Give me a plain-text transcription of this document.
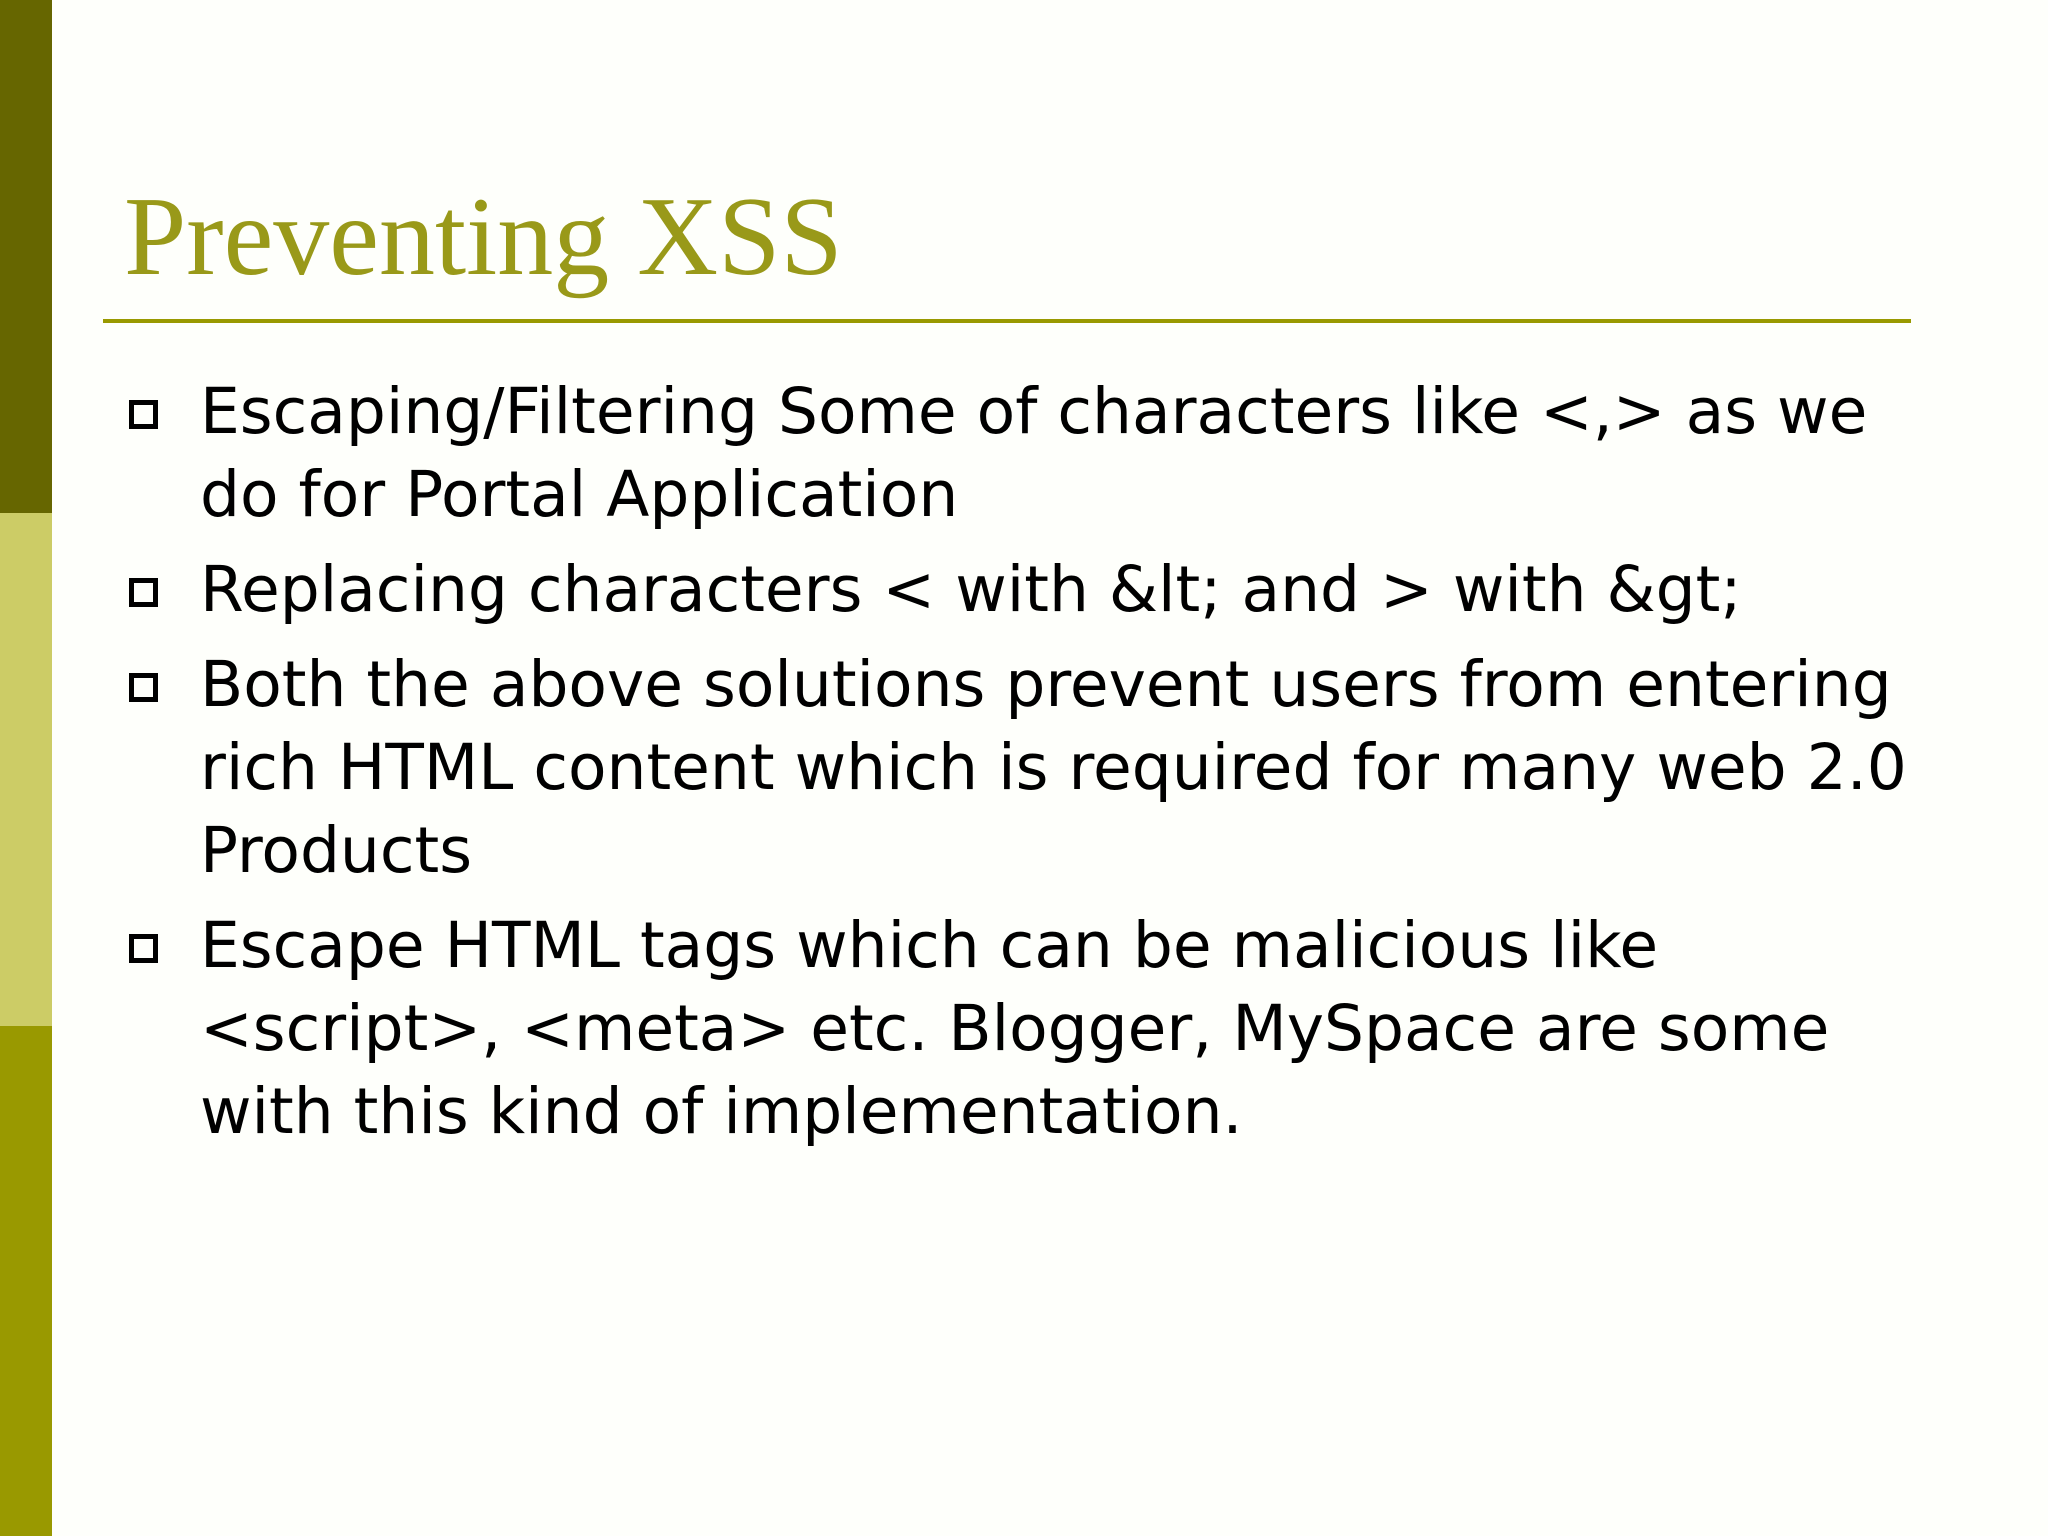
Preventing XSS
Escaping/Filtering Some of characters like <,> as we do for Portal Application
Replacing characters < with &lt; and > with &gt;
Both the above solutions prevent users from entering rich HTML content which is required for many web 2.0 Products
Escape HTML tags which can be malicious like <script>, <meta> etc. Blogger, MySpace are some with this kind of implementation.
